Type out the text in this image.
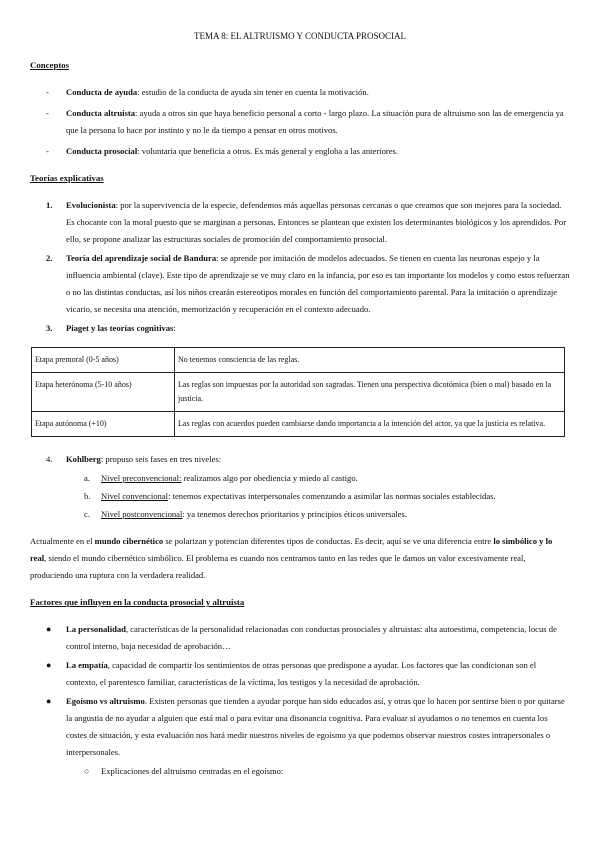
TEMA 8: EL ALTRUISMO Y CONDUCTA PROSOCIAL
Conceptos
- Conducta de ayuda: estudio de la conducta de ayuda sin tener en cuenta la motivación.
- Conducta altruista: ayuda a otros sin que haya beneficio personal a corto - largo plazo. La situación pura de altruismo son las de emergencia ya que la persona lo hace por instinto y no le da tiempo a pensar en otros motivos.
- Conducta prosocial: voluntaria que beneficia a otros. Es más general y engloba a las anteriores.
Teorías explicativas
1. Evolucionista: por la supervivencia de la especie, defendemos más aquellas personas cercanas o que creamos que son mejores para la sociedad. Es chocante con la moral puesto que se marginan a personas. Entonces se plantean que existen los determinantes biológicos y los aprendidos. Por ello, se propone analizar las estructuras sociales de promoción del comportamiento prosocial.
2. Teoría del aprendizaje social de Bandura: se aprende por imitación de modelos adecuados. Se tienen en cuenta las neuronas espejo y la influencia ambiental (clave). Este tipo de aprendizaje se ve muy claro en la infancia, por eso es tan importante los modelos y como estos refuerzan o no las distintas conductas, así los niños crearán estereotipos morales en función del comportamiento parental. Para la imitación o aprendizaje vicario, se necesita una atención, memorización y recuperación en el contexto adecuado.
3. Piaget y las teorías cognitivas:
Etapa premoral (0-5 años)	No tenemos consciencia de las reglas.
Etapa heterónoma (5-10 años)	Las reglas son impuestas por la autoridad son sagradas. Tienen una perspectiva dicotómica (bien o mal) basado en la justicia.
Etapa autónoma (+10)	Las reglas con acuerdos pueden cambiarse dando importancia a la intención del actor, ya que la justicia es relativa.
4. Kohlberg: propuso seis fases en tres niveles:
a. Nivel preconvencional: realizamos algo por obediencia y miedo al castigo.
b. Nivel convencional: tenemos expectativas interpersonales comenzando a asimilar las normas sociales establecidas.
c. Nivel postconvencional: ya tenemos derechos prioritarios y principios éticos universales.

Actualmente en el mundo cibernético se polarizan y potencian diferentes tipos de conductas. Es decir, aquí se ve una diferencia entre lo simbólico y lo real, siendo el mundo cibernético simbólico. El problema es cuando nos centramos tanto en las redes que le damos un valor excesivamente real, produciendo una ruptura con la verdadera realidad.

Factores que influyen en la conducta prosocial y altruista
● La personalidad, características de la personalidad relacionadas con conductas prosociales y altruistas: alta autoestima, competencia, locus de control interno, baja necesidad de aprobación…
● La empatía, capacidad de compartir los sentimientos de otras personas que predispone a ayudar. Los factores que las condicionan son el contexto, el parentesco familiar, características de la víctima, los testigos y la necesidad de aprobación.
● Egoísmo vs altruismo. Existen personas que tienden a ayudar porque han sido educados así, y otras que lo hacen por sentirse bien o por quitarse la angustia de no ayudar a alguien que está mal o para evitar una disonancia cognitiva. Para evaluar si ayudamos o no tenemos en cuenta los costes de situación, y esta evaluación nos hará medir nuestros niveles de egoísmo ya que podemos observar nuestros costes intrapersonales o interpersonales.
○ Explicaciones del altruismo centradas en el egoísmo:
